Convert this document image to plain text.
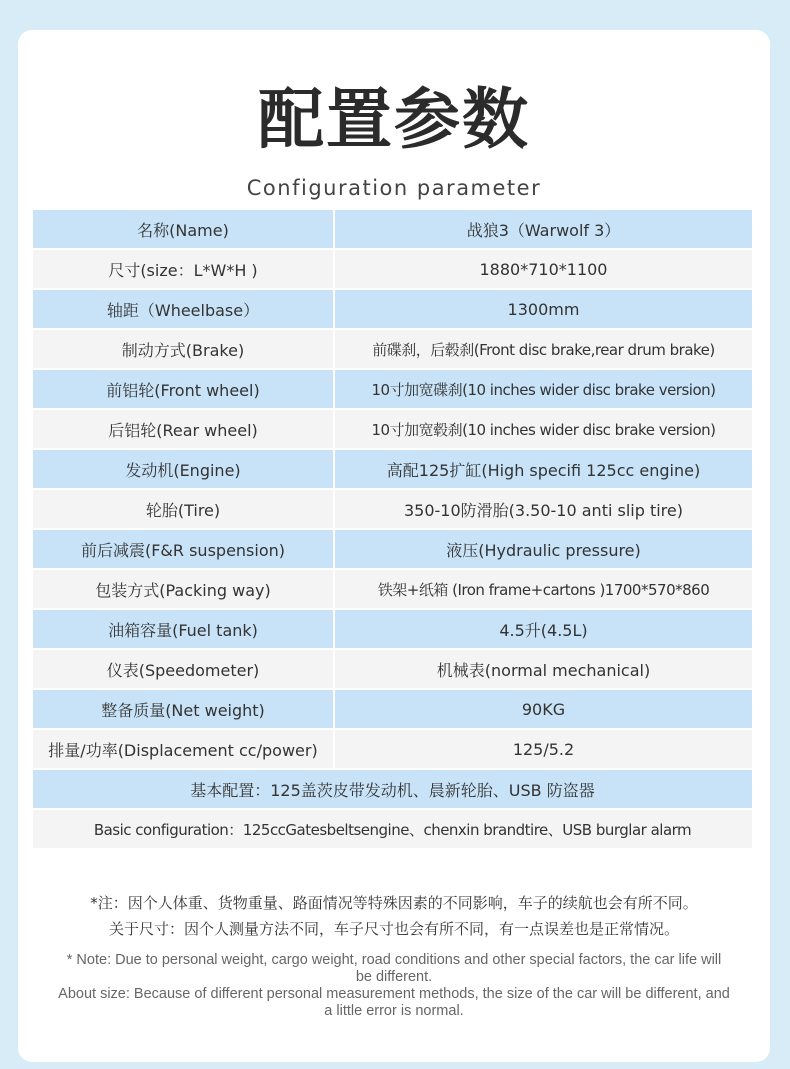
配置参数
Configuration parameter
名称(Name)	战狼3（Warwolf 3）
尺寸(size：L*W*H )	1880*710*1100
轴距（Wheelbase）	1300mm
制动方式(Brake)	前碟刹，后毂刹(Front disc brake,rear drum brake)
前铝轮(Front wheel)	10寸加宽碟刹(10 inches wider disc brake version)
后铝轮(Rear wheel)	10寸加宽毂刹(10 inches wider disc brake version)
发动机(Engine)	高配125扩缸(High specifi 125cc engine)
轮胎(Tire)	350-10防滑胎(3.50-10 anti slip tire)
前后减震(F&R suspension)	液压(Hydraulic pressure)
包装方式(Packing way)	铁架+纸箱 (Iron frame+cartons )1700*570*860
油箱容量(Fuel tank)	4.5升(4.5L)
仪表(Speedometer)	机械表(normal mechanical)
整备质量(Net weight)	90KG
排量/功率(Displacement cc/power)	125/5.2
基本配置：125盖茨皮带发动机、晨新轮胎、USB 防盗器
Basic configuration：125ccGatesbeltsengine、chenxin brandtire、USB burglar alarm
*注：因个人体重、货物重量、路面情况等特殊因素的不同影响，车子的续航也会有所不同。
关于尺寸：因个人测量方法不同，车子尺寸也会有所不同，有一点误差也是正常情况。
* Note: Due to personal weight, cargo weight, road conditions and other special factors, the car life will be different.
About size: Because of different personal measurement methods, the size of the car will be different, and a little error is normal.
